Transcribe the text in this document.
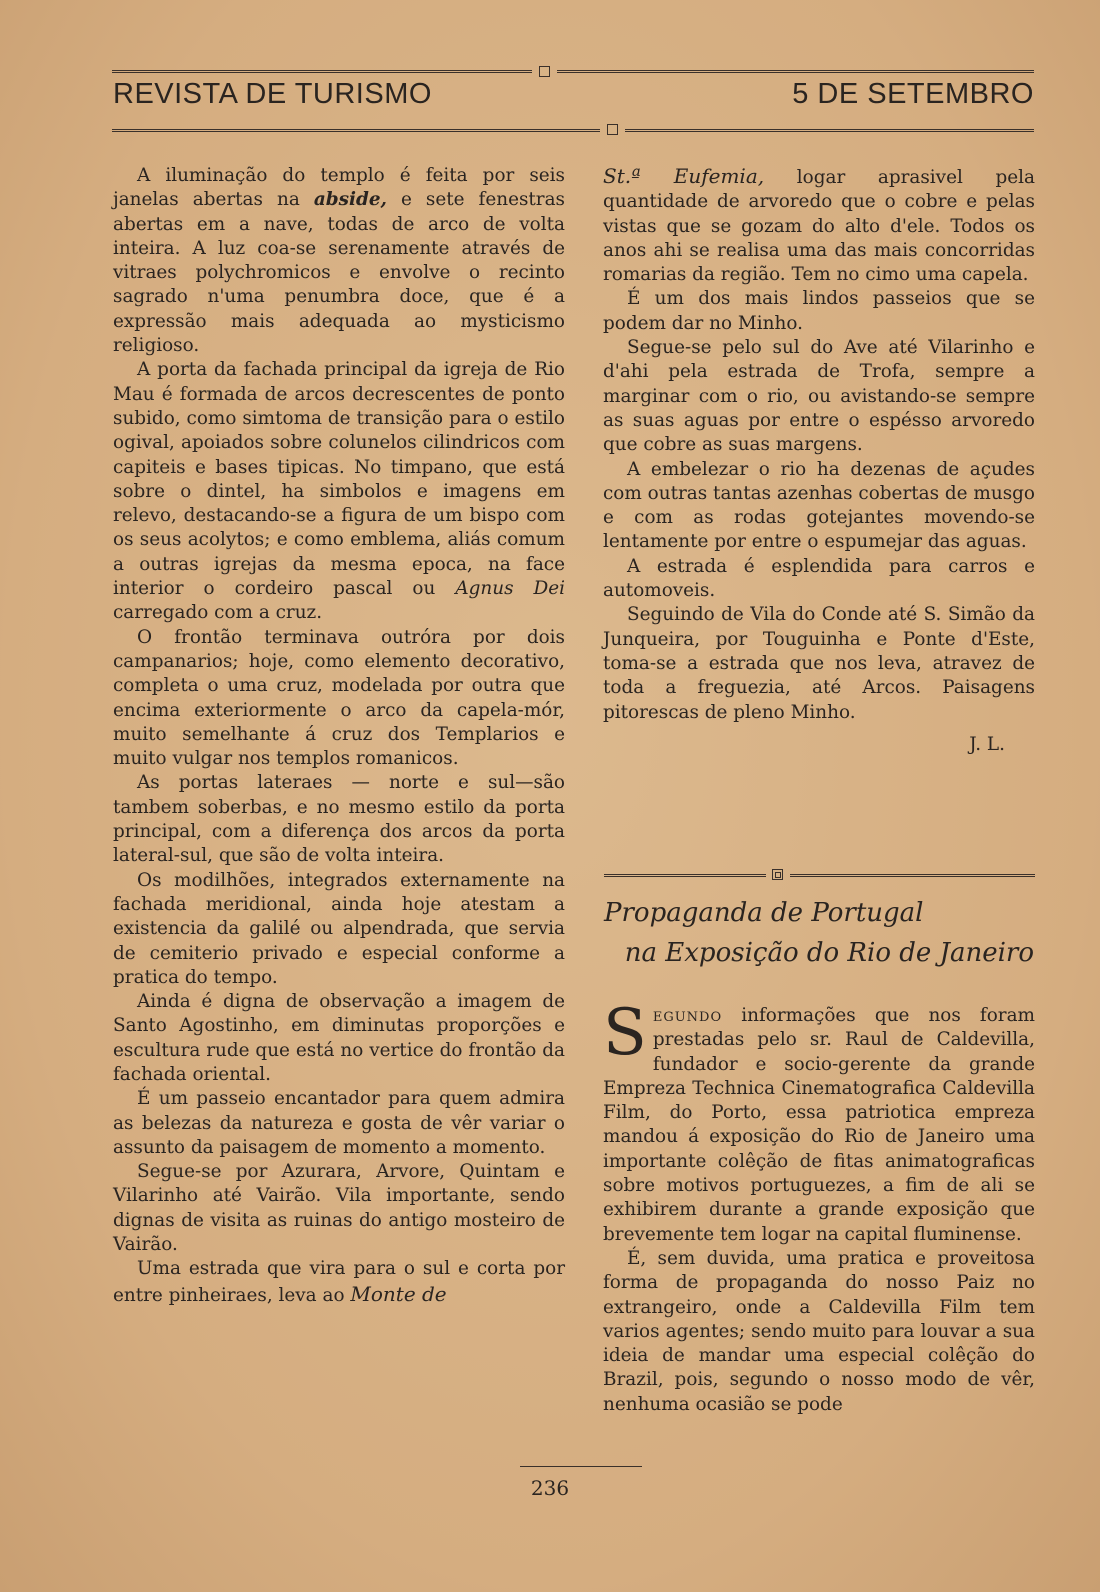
REVISTA DE TURISMO	5 DE SETEMBRO

A iluminação do templo é feita por seis janelas abertas na abside, e sete fenestras abertas em a nave, todas de arco de volta inteira. A luz coa-se serenamente através de vitraes polychromicos e envolve o recinto sagrado n'uma penumbra doce, que é a expressão mais adequada ao mysticismo religioso.

A porta da fachada principal da igreja de Rio Mau é formada de arcos decrescentes de ponto subido, como simtoma de transição para o estilo ogival, apoiados sobre colunelos cilindricos com capiteis e bases tipicas. No timpano, que está sobre o dintel, ha simbolos e imagens em relevo, destacando-se a figura de um bispo com os seus acolytos; e como emblema, aliás comum a outras igrejas da mesma epoca, na face interior o cordeiro pascal ou Agnus Dei carregado com a cruz.

O frontão terminava outróra por dois campanarios; hoje, como elemento decorativo, completa o uma cruz, modelada por outra que encima exteriormente o arco da capela-mór, muito semelhante á cruz dos Templarios e muito vulgar nos templos romanicos.

As portas lateraes — norte e sul—são tambem soberbas, e no mesmo estilo da porta principal, com a diferença dos arcos da porta lateral-sul, que são de volta inteira.

Os modilhões, integrados externamente na fachada meridional, ainda hoje atestam a existencia da galilé ou alpendrada, que servia de cemiterio privado e especial conforme a pratica do tempo.

Ainda é digna de observação a imagem de Santo Agostinho, em diminutas proporções e escultura rude que está no vertice do frontão da fachada oriental.

É um passeio encantador para quem admira as belezas da natureza e gosta de vêr variar o assunto da paisagem de momento a momento.

Segue-se por Azurara, Arvore, Quintam e Vilarinho até Vairão. Vila importante, sendo dignas de visita as ruinas do antigo mosteiro de Vairão.

Uma estrada que vira para o sul e corta por entre pinheiraes, leva ao Monte de

St.ª Eufemia, logar aprasivel pela quantidade de arvoredo que o cobre e pelas vistas que se gozam do alto d'ele. Todos os anos ahi se realisa uma das mais concorridas romarias da região. Tem no cimo uma capela.

É um dos mais lindos passeios que se podem dar no Minho.

Segue-se pelo sul do Ave até Vilarinho e d'ahi pela estrada de Trofa, sempre a marginar com o rio, ou avistando-se sempre as suas aguas por entre o espésso arvoredo que cobre as suas margens.

A embelezar o rio ha dezenas de açudes com outras tantas azenhas cobertas de musgo e com as rodas gotejantes movendo-se lentamente por entre o espumejar das aguas.

A estrada é esplendida para carros e automoveis.

Seguindo de Vila do Conde até S. Simão da Junqueira, por Touguinha e Ponte d'Este, toma-se a estrada que nos leva, atravez de toda a freguezia, até Arcos. Paisagens pitorescas de pleno Minho.

J. L.

Propaganda de Portugal
na Exposição do Rio de Janeiro

Segundo informações que nos foram prestadas pelo sr. Raul de Caldevilla, fundador e socio-gerente da grande Empreza Technica Cinematografica Caldevilla Film, do Porto, essa patriotica empreza mandou á exposição do Rio de Janeiro uma importante colêção de fitas animatograficas sobre motivos portuguezes, a fim de ali se exhibirem durante a grande exposição que brevemente tem logar na capital fluminense.

É, sem duvida, uma pratica e proveitosa forma de propaganda do nosso Paiz no extrangeiro, onde a Caldevilla Film tem varios agentes; sendo muito para louvar a sua ideia de mandar uma especial colêção do Brazil, pois, segundo o nosso modo de vêr, nenhuma ocasião se pode

236
